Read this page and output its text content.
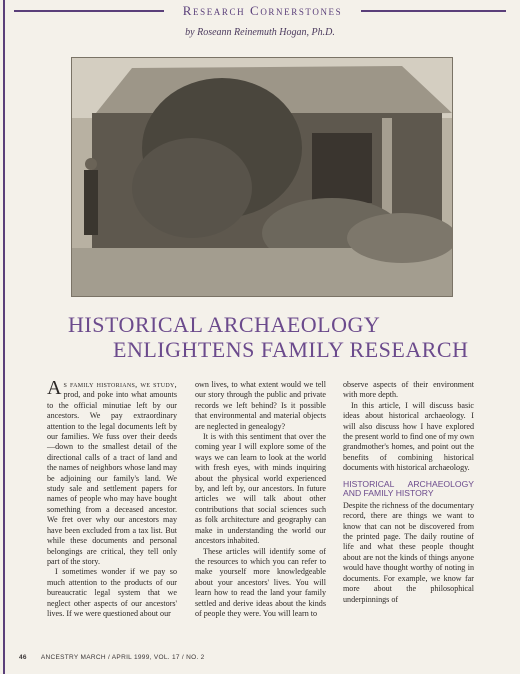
Research Cornerstones
by Roseann Reinemuth Hogan, Ph.D.
HISTORICAL ARCHAEOLOGY
ENLIGHTENS FAMILY RESEARCH

As family historians, we study, prod, and poke into what amounts to the official minutiae left by our ancestors. We pay extraordinary attention to the legal documents left by our families. We fuss over their deeds—down to the smallest detail of the directional calls of a tract of land and the names of neighbors whose land may be adjoining our family's land. We study sale and settlement papers for names of people who may have bought something from a deceased ancestor. We fret over why our ancestors may have been excluded from a tax list. But while these documents and personal belongings are critical, they tell only part of the story.

I sometimes wonder if we pay so much attention to the products of our bureaucratic legal system that we neglect other aspects of our ancestors' lives. If we were questioned about our

own lives, to what extent would we tell our story through the public and private records we left behind? Is it possible that environmental and material objects are neglected in genealogy?

It is with this sentiment that over the coming year I will explore some of the ways we can learn to look at the world with fresh eyes, with minds inquiring about the physical world experienced by, and left by, our ancestors. In future articles we will talk about other contributions that social sciences such as folk architecture and geography can make in understanding the world our ancestors inhabited.

These articles will identify some of the resources to which you can refer to make yourself more knowledgeable about your ancestors' lives. You will learn how to read the land your family settled and derive ideas about the kinds of people they were. You will learn to

observe aspects of their environment with more depth.

In this article, I will discuss basic ideas about historical archaeology. I will also discuss how I have explored the present world to find one of my own grandmother's homes, and point out the benefits of combining historical documents with historical archaeology.

HISTORICAL ARCHAEOLOGY AND FAMILY HISTORY

Despite the richness of the documentary record, there are things we want to know that can not be discovered from the printed page. The daily routine of life and what these people thought about are not the kinds of things anyone would have thought worthy of noting in documents. For example, we know far more about the philosophical underpinnings of

46 ANCESTRY MARCH / APRIL 1999, VOL. 17 / NO. 2
